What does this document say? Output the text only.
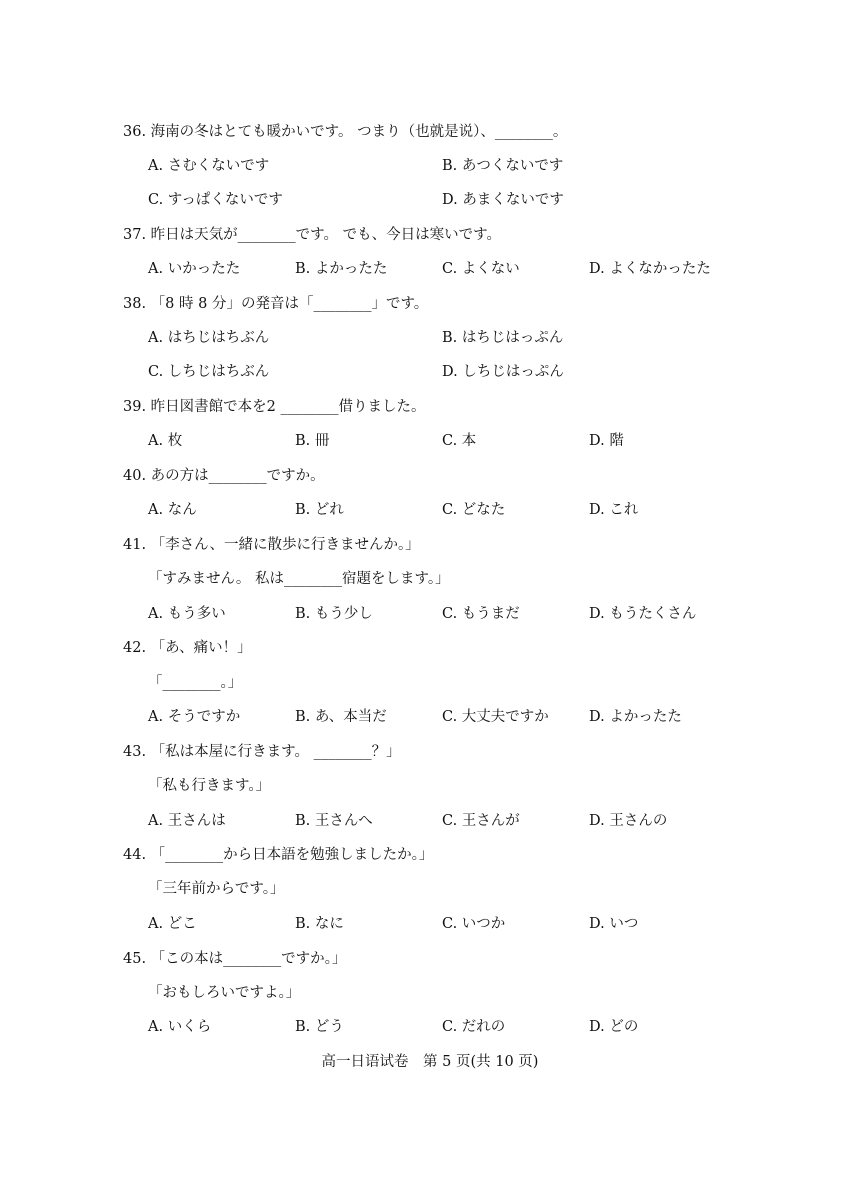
36. 海南の冬はとても暖かいです。 つまり（也就是说）、________。
A. さむくないです	B. あつくないです
C. すっぱくないです	D. あまくないです
37. 昨日は天気が________です。 でも、今日は寒いです。
A. いかったた	B. よかったた	C. よくない	D. よくなかったた
38. 「8 時 8 分」の発音は「________」です。
A. はちじはちぶん	B. はちじはっぷん
C. しちじはちぶん	D. しちじはっぷん
39. 昨日図書館で本を2 ________借りました。
A. 枚	B. 冊	C. 本	D. 階
40. あの方は________ですか。
A. なん	B. どれ	C. どなた	D. これ
41. 「李さん、一緒に散歩に行きませんか。」
「すみません。 私は________宿題をします。」
A. もう多い	B. もう少し	C. もうまだ	D. もうたくさん
42. 「あ、痛い！」
「________。」
A. そうですか	B. あ、本当だ	C. 大丈夫ですか	D. よかったた
43. 「私は本屋に行きます。 ________？」
「私も行きます。」
A. 王さんは	B. 王さんへ	C. 王さんが	D. 王さんの
44. 「________から日本語を勉強しましたか。」
「三年前からです。」
A. どこ	B. なに	C. いつか	D. いつ
45. 「この本は________ですか。」
「おもしろいですよ。」
A. いくら	B. どう	C. だれの	D. どの
高一日语试卷　第 5 页(共 10 页)
